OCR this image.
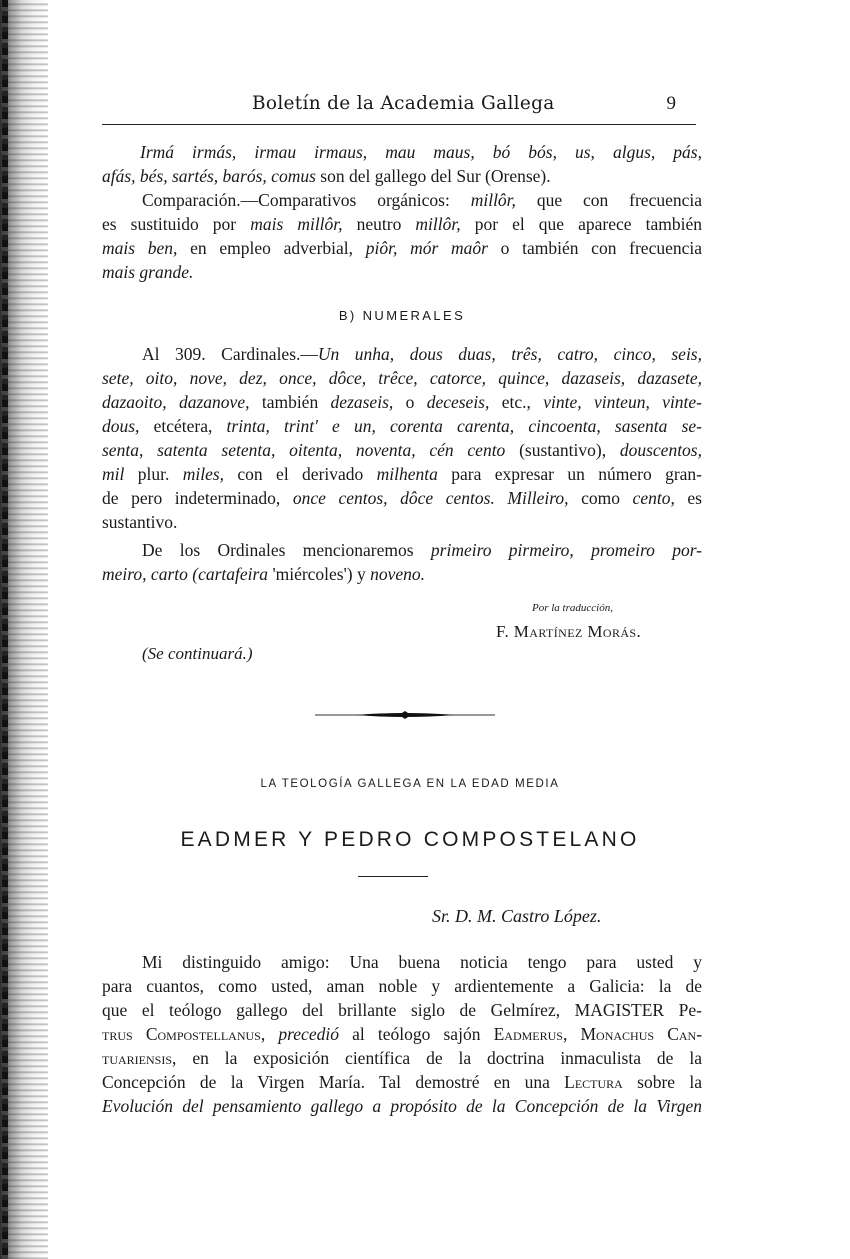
Boletín de la Academia Gallega	9
Irmá irmás, irmau irmaus, mau maus, bó bós, us, algus, pás,
afás, bés, sartés, barós, comus son del gallego del Sur (Orense).
Comparación.—Comparativos orgánicos: millôr, que con frecuencia
es sustituido por mais millôr, neutro millôr, por el que aparece también
mais ben, en empleo adverbial, piôr, mór maôr o también con frecuencia
mais grande.
B) NUMERALES
Al 309. Cardinales.—Un unha, dous duas, três, catro, cinco, seis,
sete, oito, nove, dez, once, dôce, trêce, catorce, quince, dazaseis, dazasete,
dazaoito, dazanove, también dezaseis, o deceseis, etc., vinte, vinteun, vinte-
dous, etcétera, trinta, trint' e un, corenta carenta, cincoenta, sasenta se-
senta, satenta setenta, oitenta, noventa, cén cento (sustantivo), douscentos,
mil plur. miles, con el derivado milhenta para expresar un número gran-
de pero indeterminado, once centos, dôce centos. Milleiro, como cento, es
sustantivo.
De los Ordinales mencionaremos primeiro pirmeiro, promeiro por-
meiro, carto (cartafeira 'miércoles') y noveno.
Por la traducción,
F. Martínez Morás.
(Se continuará.)
LA TEOLOGÍA GALLEGA EN LA EDAD MEDIA
EADMER Y PEDRO COMPOSTELANO
Sr. D. M. Castro López.
Mi distinguido amigo: Una buena noticia tengo para usted y
para cuantos, como usted, aman noble y ardientemente a Galicia: la de
que el teólogo gallego del brillante siglo de Gelmírez, MAGISTER Pe-
trus Compostellanus, precedió al teólogo sajón Eadmerus, Monachus Can-
tuariensis, en la exposición científica de la doctrina inmaculista de la
Concepción de la Virgen María. Tal demostré en una Lectura sobre la
Evolución del pensamiento gallego a propósito de la Concepción de la Virgen
